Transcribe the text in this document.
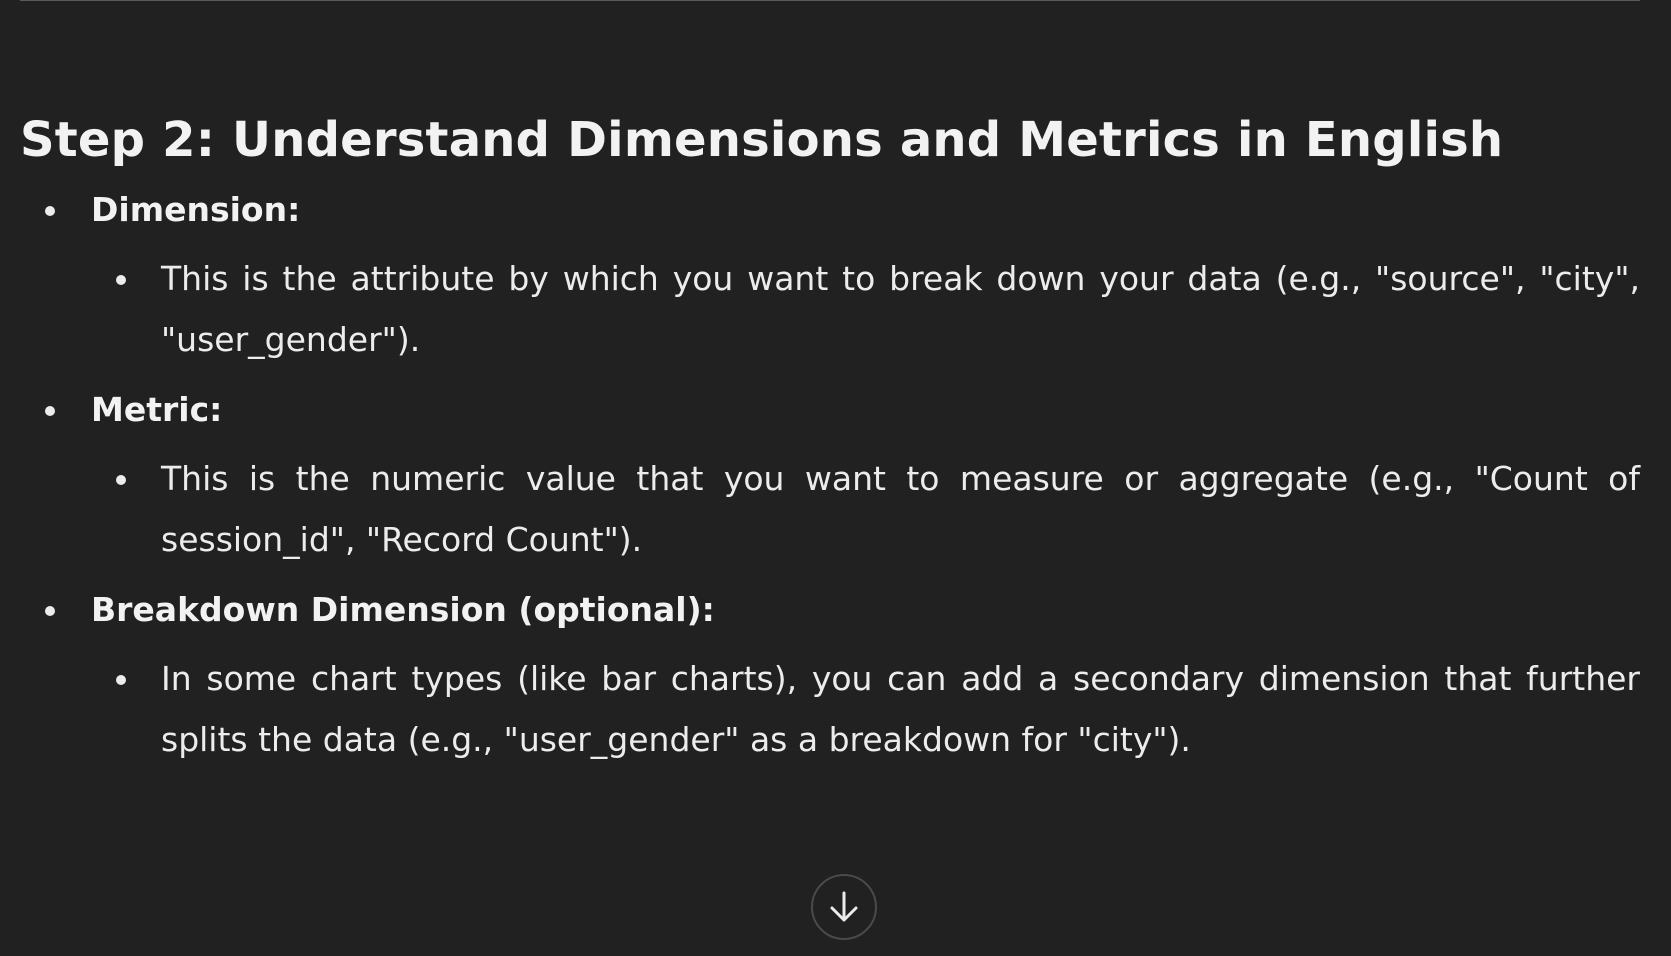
Step 2: Understand Dimensions and Metrics in English
Dimension:
This is the attribute by which you want to break down your data (e.g., "source", "city", "user_gender").
Metric:
This is the numeric value that you want to measure or aggregate (e.g., "Count of session_id", "Record Count").
Breakdown Dimension (optional):
In some chart types (like bar charts), you can add a secondary dimension that further splits the data (e.g., "user_gender" as a breakdown for "city").
